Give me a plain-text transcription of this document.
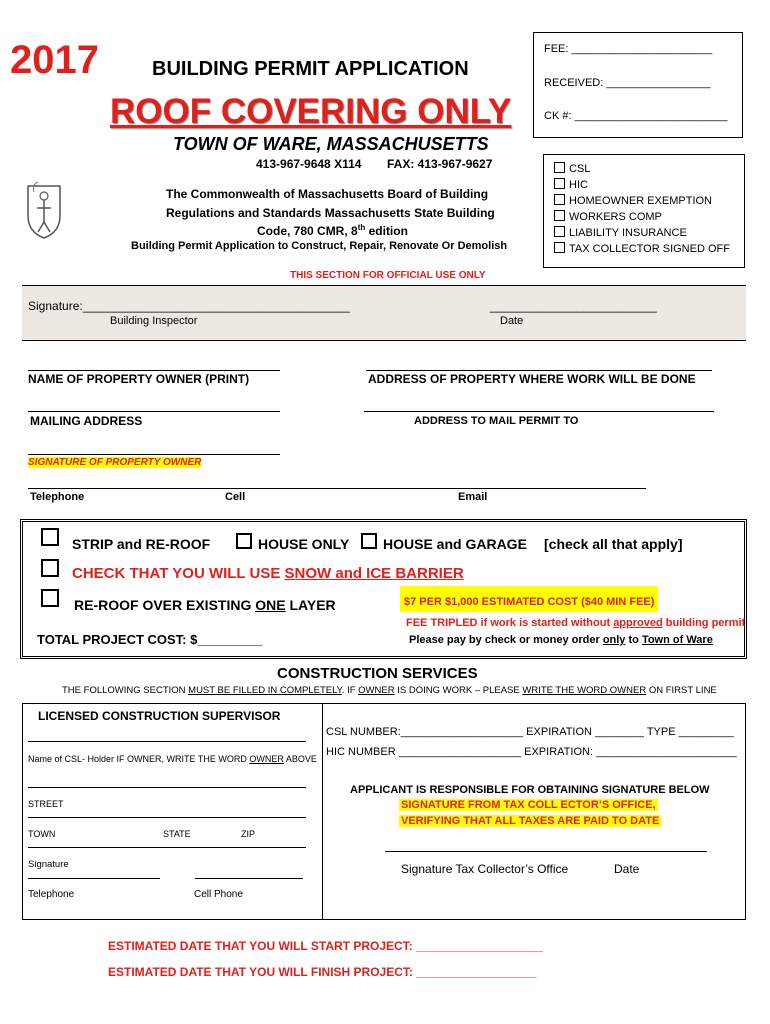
2017	BUILDING PERMIT APPLICATION
ROOF COVERING ONLY
TOWN OF WARE, MASSACHUSETTS
413-967-9648 X114 FAX: 413-967-9627
FEE: _______________________
RECEIVED: _________________
CK #: _________________________
The Commonwealth of Massachusetts Board of Building
Regulations and Standards Massachusetts State Building
Code, 780 CMR, 8th edition
Building Permit Application to Construct, Repair, Renovate Or Demolish
CSL
HIC
HOMEOWNER EXEMPTION
WORKERS COMP
LIABILITY INSURANCE
TAX COLLECTOR SIGNED OFF
THIS SECTION FOR OFFICIAL USE ONLY
Signature:________________________________________	_________________________
Building Inspector	Date
NAME OF PROPERTY OWNER (PRINT)	ADDRESS OF PROPERTY WHERE WORK WILL BE DONE
MAILING ADDRESS	ADDRESS TO MAIL PERMIT TO
SIGNATURE OF PROPERTY OWNER
Telephone	Cell	Email
STRIP and RE-ROOF	HOUSE ONLY HOUSE and GARAGE [check all that apply]
CHECK THAT YOU WILL USE SNOW and ICE BARRIER
RE-ROOF OVER EXISTING ONE LAYER	$7 PER $1,000 ESTIMATED COST ($40 MIN FEE)
FEE TRIPLED if work is started without approved building permit
Please pay by check or money order only to Town of Ware
TOTAL PROJECT COST: $_________
CONSTRUCTION SERVICES
THE FOLLOWING SECTION MUST BE FILLED IN COMPLETELY. IF OWNER IS DOING WORK – PLEASE WRITE THE WORD OWNER ON FIRST LINE
LICENSED CONSTRUCTION SUPERVISOR
Name of CSL- Holder IF OWNER, WRITE THE WORD OWNER ABOVE
STREET
TOWN	STATE	ZIP
Signature
Telephone	Cell Phone
CSL NUMBER:____________________ EXPIRATION ________ TYPE _________
HIC NUMBER ____________________ EXPIRATION: _______________________
APPLICANT IS RESPONSIBLE FOR OBTAINING SIGNATURE BELOW
SIGNATURE FROM TAX COLL ECTOR’S OFFICE,
VERIFYING THAT ALL TAXES ARE PAID TO DATE
Signature Tax Collector’s Office	Date
ESTIMATED DATE THAT YOU WILL START PROJECT: ___________________
ESTIMATED DATE THAT YOU WILL FINISH PROJECT: __________________
